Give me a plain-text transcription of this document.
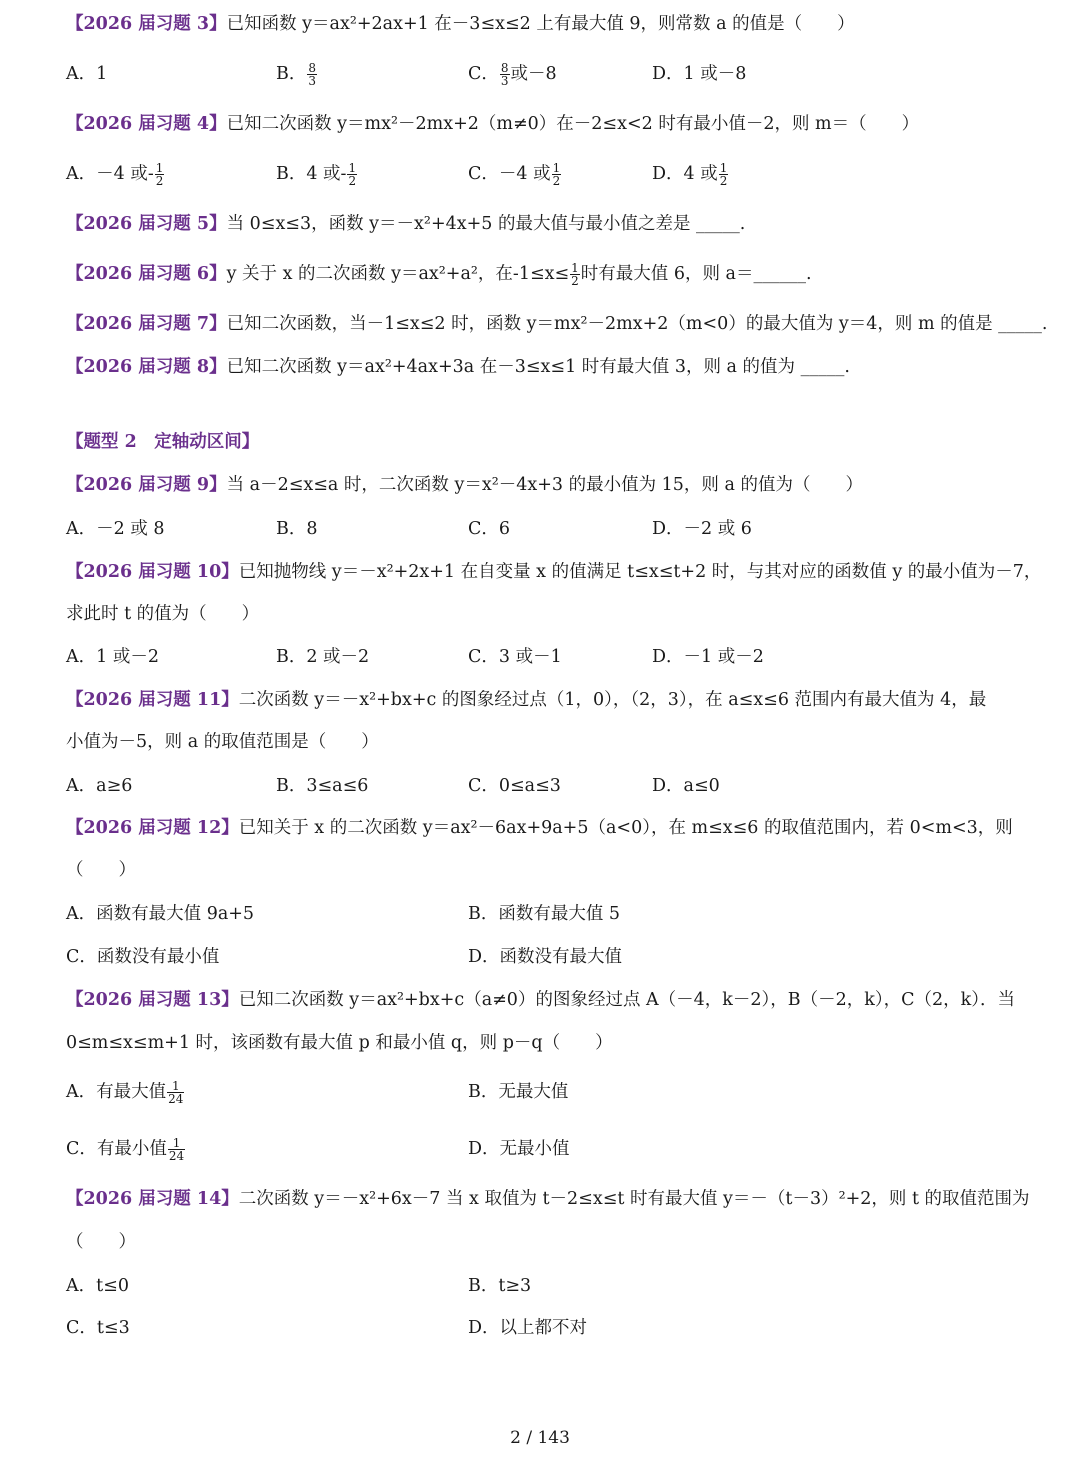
【2026 届习题 3】已知函数 y＝ax²+2ax+1 在－3≤x≤2 上有最大值 9，则常数 a 的值是（　　）
A．1	B． $\frac{8}{3}$	C． $\frac{8}{3}$ 或－8	D．1 或－8
【2026 届习题 4】已知二次函数 y＝mx²－2mx+2（m≠0）在－2≤x<2 时有最小值－2，则 m＝（　　）
A．－4 或- $\frac{1}{2}$	B．4 或- $\frac{1}{2}$	C．－4 或 $\frac{1}{2}$	D．4 或 $\frac{1}{2}$
【2026 届习题 5】当 0≤x≤3，函数 y＝－x²+4x+5 的最大值与最小值之差是 _____.
【2026 届习题 6】y 关于 x 的二次函数 y＝ax²+a²，在$-1\le x\le \frac{1}{2}$ 时有最大值 6，则 a＝______.
【2026 届习题 7】已知二次函数，当－1≤x≤2 时，函数 y＝mx²－2mx+2（m<0）的最大值为 y＝4，则 m 的值是 _____.
【2026 届习题 8】已知二次函数 y＝ax²+4ax+3a 在－3≤x≤1 时有最大值 3，则 a 的值为 _____.
【题型 2　定轴动区间】
【2026 届习题 9】当 a－2≤x≤a 时，二次函数 y＝x²－4x+3 的最小值为 15，则 a 的值为（　　）
A．－2 或 8	B．8	C．6	D．－2 或 6
【2026 届习题 10】已知抛物线 y＝－x²+2x+1 在自变量 x 的值满足 t≤x≤t+2 时，与其对应的函数值 y 的最小值为－7，
求此时 t 的值为（　　）
A．1 或－2	B．2 或－2	C．3 或－1	D．－1 或－2
【2026 届习题 11】二次函数 y＝－x²+bx+c 的图象经过点（1，0），（2，3），在 a≤x≤6 范围内有最大值为 4，最
小值为－5，则 a 的取值范围是（　　）
A．a≥6	B．3≤a≤6	C．0≤a≤3	D．a≤0
【2026 届习题 12】已知关于 x 的二次函数 y＝ax²－6ax+9a+5（a<0），在 m≤x≤6 的取值范围内，若 0<m<3，则
（　　）
A．函数有最大值 9a+5	B．函数有最大值 5
C．函数没有最小值	D．函数没有最大值
【2026 届习题 13】已知二次函数 y＝ax²+bx+c（a≠0）的图象经过点 A（－4，k－2），B（－2，k），C（2，k）．当
0≤m≤x≤m+1 时，该函数有最大值 p 和最小值 q，则 p－q（　　）
A．有最大值 $\frac{1}{24}$	B．无最大值
C．有最小值 $\frac{1}{24}$	D．无最小值
【2026 届习题 14】二次函数 y＝－x²+6x－7 当 x 取值为 t－2≤x≤t 时有最大值 y＝－（t－3）²+2，则 t 的取值范围为
（　　）
A．t≤0	B．t≥3
C．t≤3	D．以上都不对
2 / 143
